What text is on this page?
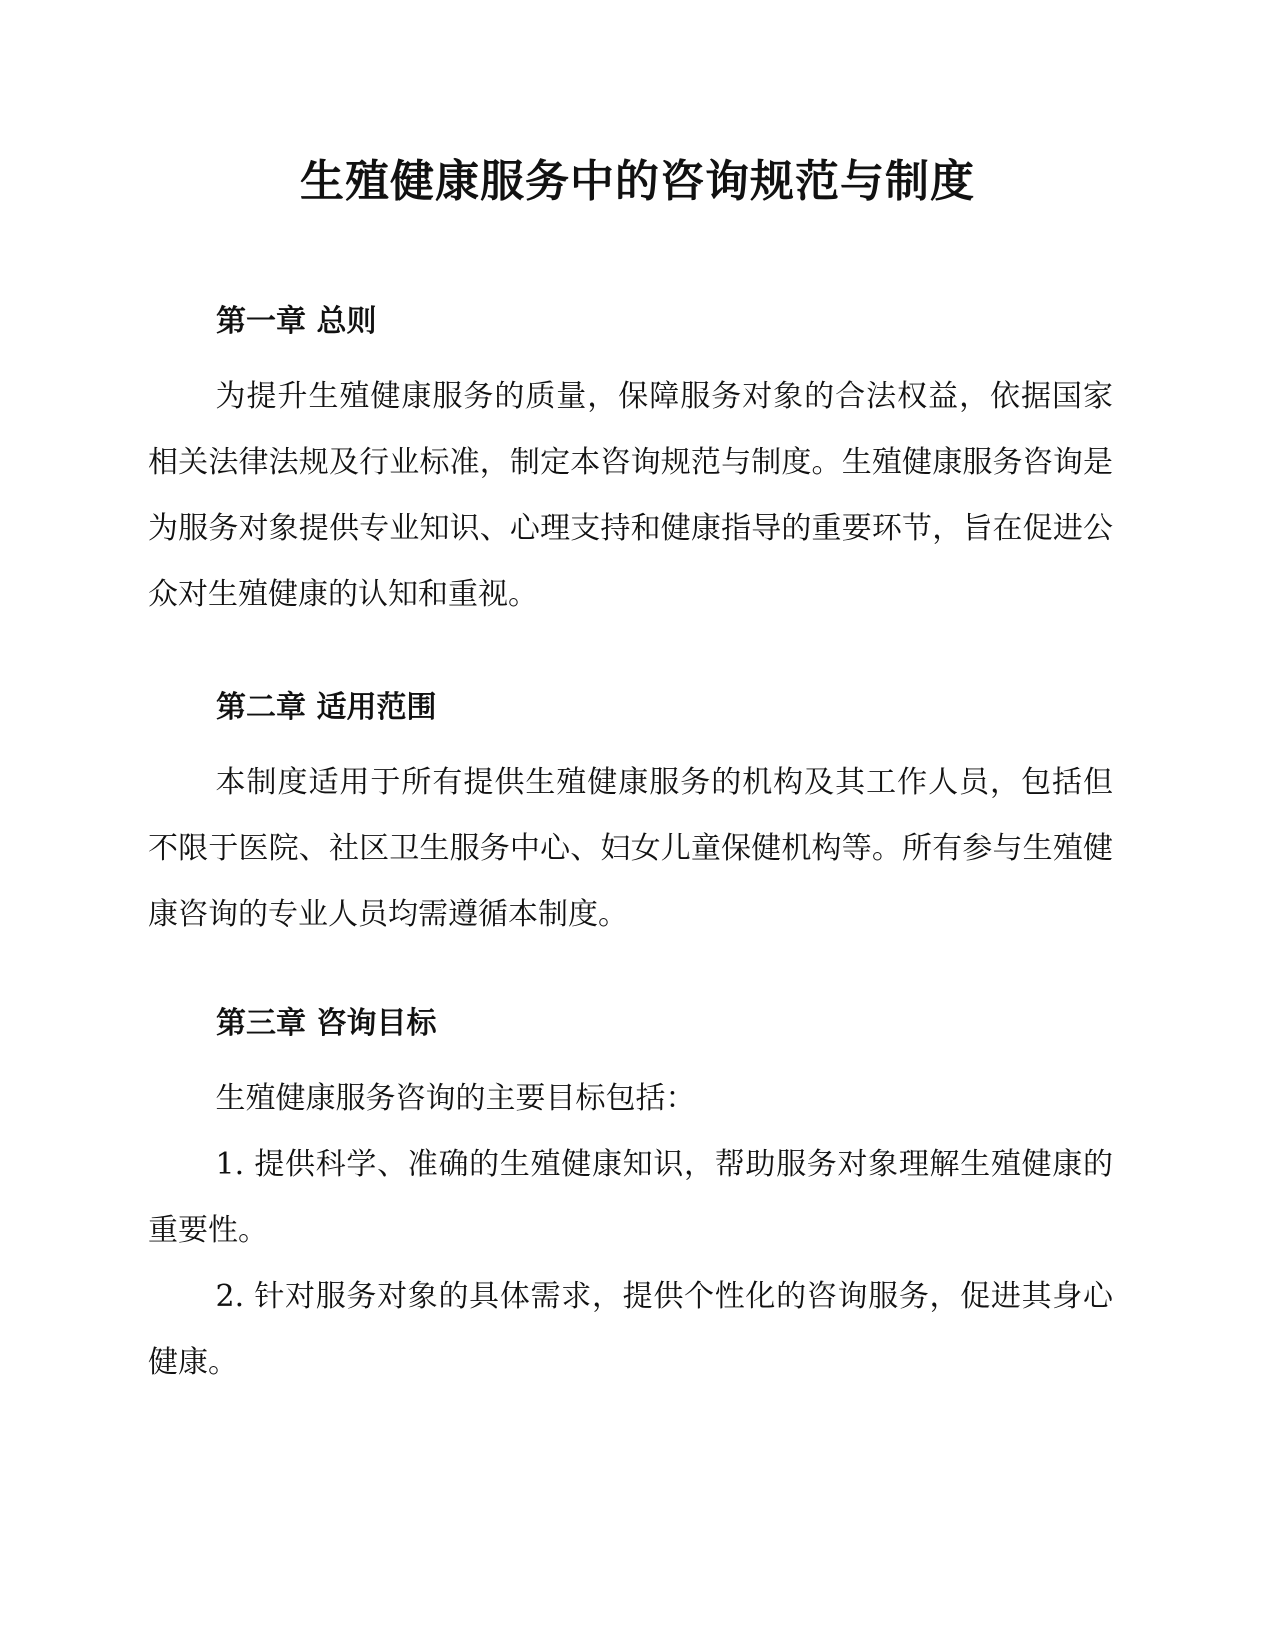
生殖健康服务中的咨询规范与制度
第一章 总则

为提升生殖健康服务的质量，保障服务对象的合法权益，依据国家相关法律法规及行业标准，制定本咨询规范与制度。生殖健康服务咨询是为服务对象提供专业知识、心理支持和健康指导的重要环节，旨在促进公众对生殖健康的认知和重视。

第二章 适用范围

本制度适用于所有提供生殖健康服务的机构及其工作人员，包括但不限于医院、社区卫生服务中心、妇女儿童保健机构等。所有参与生殖健康咨询的专业人员均需遵循本制度。

第三章 咨询目标

生殖健康服务咨询的主要目标包括：

1. 提供科学、准确的生殖健康知识，帮助服务对象理解生殖健康的重要性。

2. 针对服务对象的具体需求，提供个性化的咨询服务，促进其身心健康。
